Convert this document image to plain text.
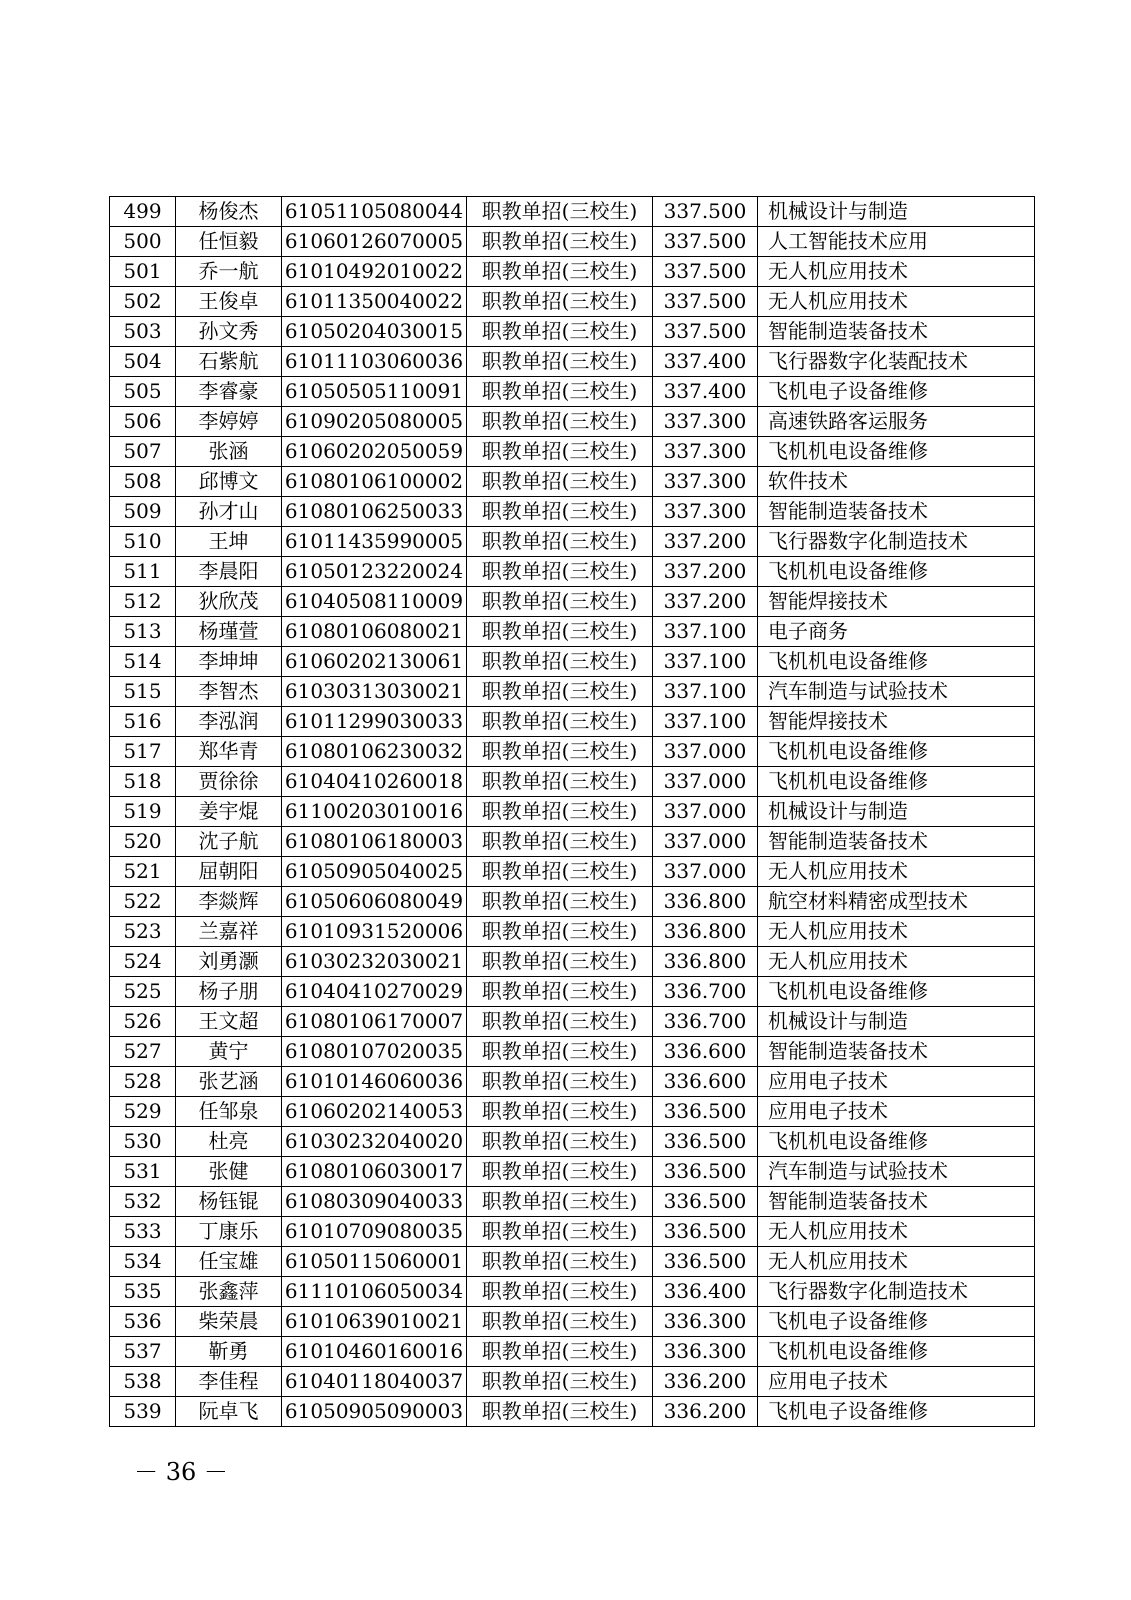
499	杨俊杰	61051105080044	职教单招(三校生)	337.500	机械设计与制造
500	任恒毅	61060126070005	职教单招(三校生)	337.500	人工智能技术应用
501	乔一航	61010492010022	职教单招(三校生)	337.500	无人机应用技术
502	王俊卓	61011350040022	职教单招(三校生)	337.500	无人机应用技术
503	孙文秀	61050204030015	职教单招(三校生)	337.500	智能制造装备技术
504	石紫航	61011103060036	职教单招(三校生)	337.400	飞行器数字化装配技术
505	李睿豪	61050505110091	职教单招(三校生)	337.400	飞机电子设备维修
506	李婷婷	61090205080005	职教单招(三校生)	337.300	高速铁路客运服务
507	张涵	61060202050059	职教单招(三校生)	337.300	飞机机电设备维修
508	邱博文	61080106100002	职教单招(三校生)	337.300	软件技术
509	孙才山	61080106250033	职教单招(三校生)	337.300	智能制造装备技术
510	王坤	61011435990005	职教单招(三校生)	337.200	飞行器数字化制造技术
511	李晨阳	61050123220024	职教单招(三校生)	337.200	飞机机电设备维修
512	狄欣茂	61040508110009	职教单招(三校生)	337.200	智能焊接技术
513	杨瑾萱	61080106080021	职教单招(三校生)	337.100	电子商务
514	李坤坤	61060202130061	职教单招(三校生)	337.100	飞机机电设备维修
515	李智杰	61030313030021	职教单招(三校生)	337.100	汽车制造与试验技术
516	李泓润	61011299030033	职教单招(三校生)	337.100	智能焊接技术
517	郑华青	61080106230032	职教单招(三校生)	337.000	飞机机电设备维修
518	贾徐徐	61040410260018	职教单招(三校生)	337.000	飞机机电设备维修
519	姜宇焜	61100203010016	职教单招(三校生)	337.000	机械设计与制造
520	沈子航	61080106180003	职教单招(三校生)	337.000	智能制造装备技术
521	屈朝阳	61050905040025	职教单招(三校生)	337.000	无人机应用技术
522	李燚辉	61050606080049	职教单招(三校生)	336.800	航空材料精密成型技术
523	兰嘉祥	61010931520006	职教单招(三校生)	336.800	无人机应用技术
524	刘勇灏	61030232030021	职教单招(三校生)	336.800	无人机应用技术
525	杨子朋	61040410270029	职教单招(三校生)	336.700	飞机机电设备维修
526	王文超	61080106170007	职教单招(三校生)	336.700	机械设计与制造
527	黄宁	61080107020035	职教单招(三校生)	336.600	智能制造装备技术
528	张艺涵	61010146060036	职教单招(三校生)	336.600	应用电子技术
529	任邹泉	61060202140053	职教单招(三校生)	336.500	应用电子技术
530	杜亮	61030232040020	职教单招(三校生)	336.500	飞机机电设备维修
531	张健	61080106030017	职教单招(三校生)	336.500	汽车制造与试验技术
532	杨钰锟	61080309040033	职教单招(三校生)	336.500	智能制造装备技术
533	丁康乐	61010709080035	职教单招(三校生)	336.500	无人机应用技术
534	任宝雄	61050115060001	职教单招(三校生)	336.500	无人机应用技术
535	张鑫萍	61110106050034	职教单招(三校生)	336.400	飞行器数字化制造技术
536	柴荣晨	61010639010021	职教单招(三校生)	336.300	飞机电子设备维修
537	靳勇	61010460160016	职教单招(三校生)	336.300	飞机机电设备维修
538	李佳程	61040118040037	职教单招(三校生)	336.200	应用电子技术
539	阮卓飞	61050905090003	职教单招(三校生)	336.200	飞机电子设备维修
－ 36 －
